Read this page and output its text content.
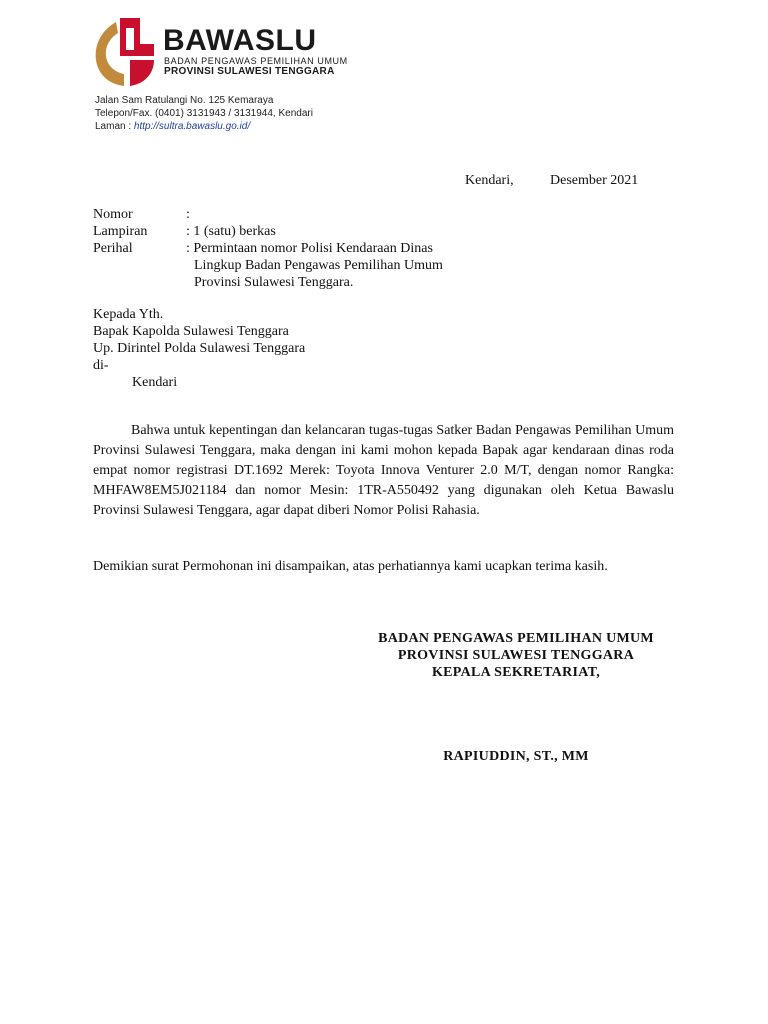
BAWASLU
BADAN PENGAWAS PEMILIHAN UMUM
PROVINSI SULAWESI TENGGARA
Jalan Sam Ratulangi No. 125 Kemaraya
Telepon/Fax. (0401) 3131943 / 3131944, Kendari
Laman : http://sultra.bawaslu.go.id/
Kendari,	Desember 2021
Nomor	:
Lampiran	: 1 (satu) berkas
Perihal	: Permintaan nomor Polisi Kendaraan Dinas
Lingkup Badan Pengawas Pemilihan Umum
Provinsi Sulawesi Tenggara.
Kepada Yth.
Bapak Kapolda Sulawesi Tenggara
Up. Dirintel Polda Sulawesi Tenggara
di-
Kendari
Bahwa untuk kepentingan dan kelancaran tugas-tugas Satker Badan Pengawas Pemilihan Umum Provinsi Sulawesi Tenggara, maka dengan ini kami mohon kepada Bapak agar kendaraan dinas roda empat nomor registrasi DT.1692 Merek: Toyota Innova Venturer 2.0 M/T, dengan nomor Rangka: MHFAW8EM5J021184 dan nomor Mesin: 1TR-A550492 yang digunakan oleh Ketua Bawaslu Provinsi Sulawesi Tenggara, agar dapat diberi Nomor Polisi Rahasia.
Demikian surat Permohonan ini disampaikan, atas perhatiannya kami ucapkan terima kasih.
BADAN PENGAWAS PEMILIHAN UMUM
PROVINSI SULAWESI TENGGARA
KEPALA SEKRETARIAT,
RAPIUDDIN, ST., MM
